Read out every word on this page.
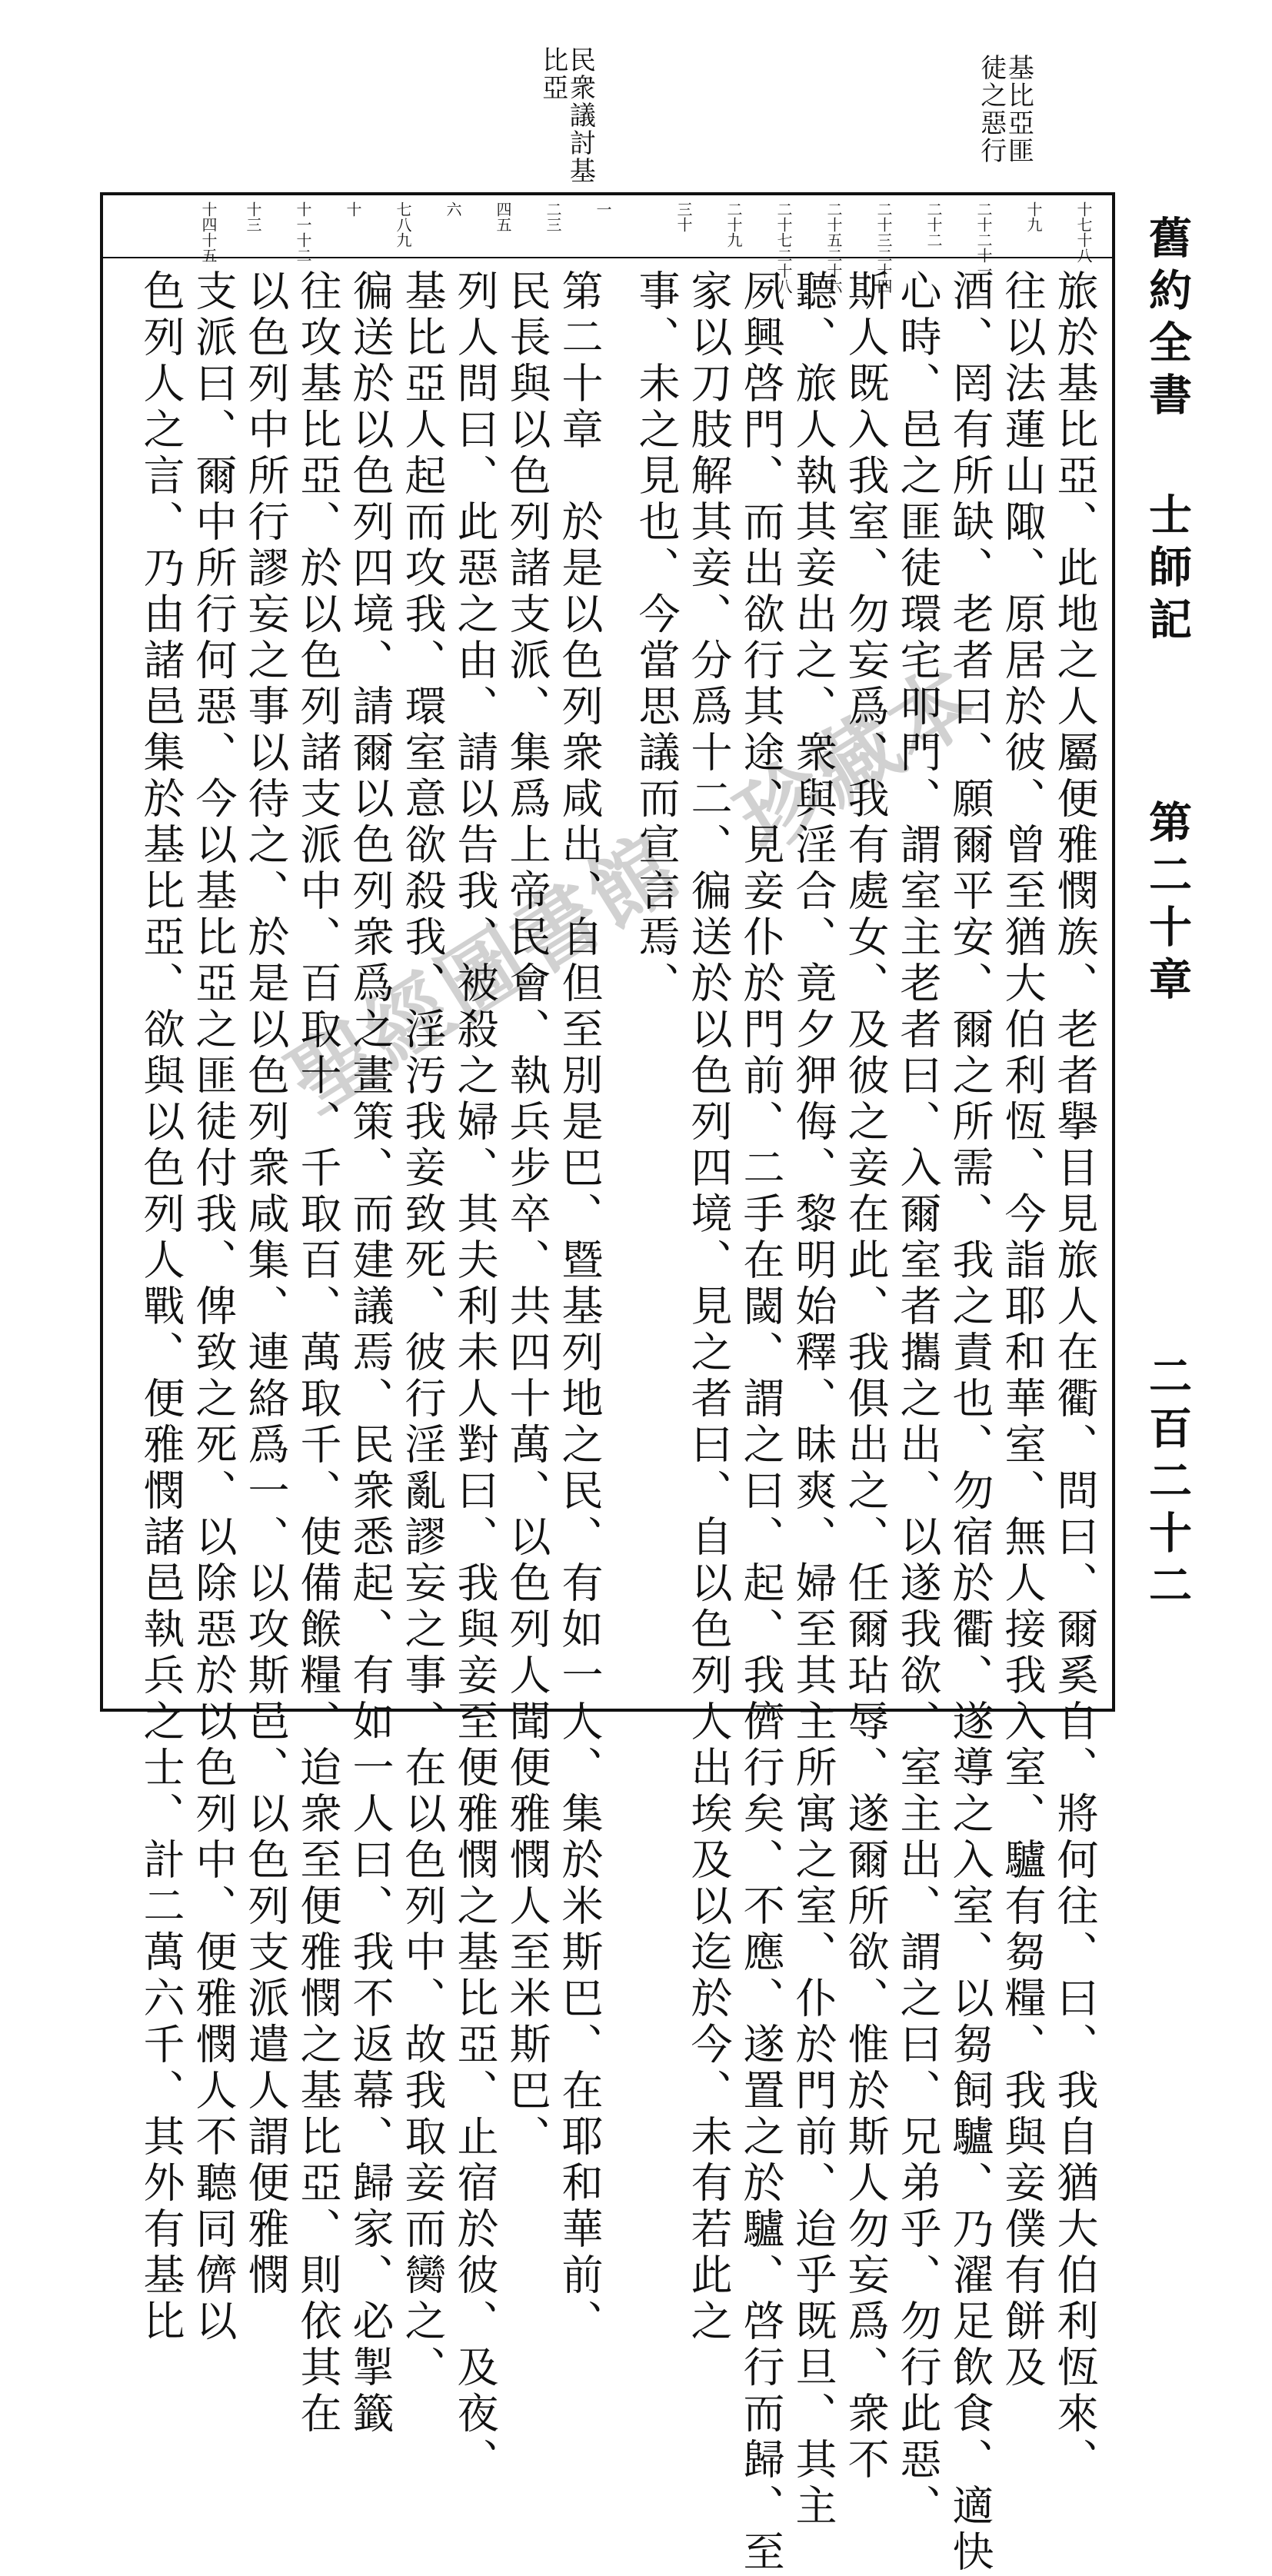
舊約全書
士師記
第二十章
二百二十二
基比亞匪徒之惡行
民衆議討基比亞
十七十八
十九
二十二十一
二十二
二十三二十四
二十五二十六
二十七二十八
二十九
三十
一
二三
四五
六
七八九
十
十一十二
十三
十四十五
旅於基比亞、此地之人屬便雅憫族、老者擧目見旅人在衢、問曰、爾奚自、將何往、曰、我自猶大伯利恆來、
往以法蓮山陬、原居於彼、曾至猶大伯利恆、今詣耶和華室、無人接我入室、驢有芻糧、我與妾僕有餅及
酒、罔有所缺、老者曰、願爾平安、爾之所需、我之責也、勿宿於衢、遂導之入室、以芻飼驢、乃濯足飲食、適快
心時、邑之匪徒環宅叩門、謂室主老者曰、入爾室者攜之出、以遂我欲、室主出、謂之曰、兄弟乎、勿行此惡、
斯人既入我室、勿妄爲、我有處女、及彼之妾在此、我俱出之、任爾玷辱、遂爾所欲、惟於斯人勿妄爲、衆不
聽、旅人執其妾出之、衆與淫合、竟夕狎侮、黎明始釋、昧爽、婦至其主所寓之室、仆於門前、迨乎既旦、其主
夙興啓門、而出欲行其途、見妾仆於門前、二手在閾、謂之曰、起、我儕行矣、不應、遂置之於驢、啓行而歸、至
家以刀肢解其妾、分爲十二、徧送於以色列四境、見之者曰、自以色列人出埃及以迄於今、未有若此之
事、未之見也、今當思議而宣言焉、
第二十章　於是以色列衆咸出、自但至別是巴、暨基列地之民、有如一人、集於米斯巴、在耶和華前、
民長與以色列諸支派、集爲上帝民會、執兵步卒、共四十萬、以色列人聞便雅憫人至米斯巴、
列人問曰、此惡之由、請以告我、被殺之婦、其夫利未人對曰、我與妾至便雅憫之基比亞、止宿於彼、及夜、
基比亞人起而攻我、環室意欲殺我、淫汚我妾致死、彼行淫亂謬妄之事、在以色列中、故我取妾而臠之、
徧送於以色列四境、請爾以色列衆爲之畫策、而建議焉、民衆悉起、有如一人曰、我不返幕、歸家、必掣籤
往攻基比亞、於以色列諸支派中、百取十、千取百、萬取千、使備餱糧、迨衆至便雅憫之基比亞、則依其在
以色列中所行謬妄之事以待之、於是以色列衆咸集、連絡爲一、以攻斯邑、以色列支派遣人謂便雅憫
支派曰、爾中所行何惡、今以基比亞之匪徒付我、俾致之死、以除惡於以色列中、便雅憫人不聽同儕以
色列人之言、乃由諸邑集於基比亞、欲與以色列人戰、便雅憫諸邑執兵之士、計二萬六千、其外有基比 聖經圖書館
珍藏本
